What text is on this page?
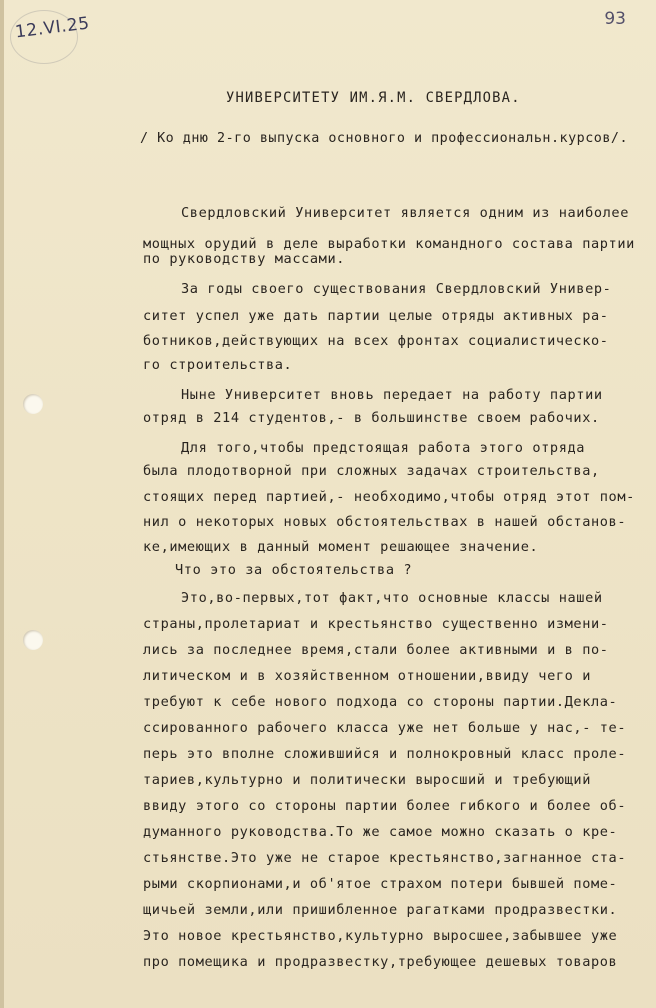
12.VI.25	93
УНИВЕРСИТЕТУ ИМ.Я.М. СВЕРДЛОВА.
/ Ко дню 2-го выпуска основного и профессиональн.курсов/.
Свердловский Университет является одним из наиболее
мощных орудий в деле выработки командного состава партии
по руководству массами.
За годы своего существования Свердловский Универ-
ситет успел уже дать партии целые отряды активных ра-
ботников,действующих на всех фронтах социалистическо-
го строительства.
Ныне Университет вновь передает на работу партии
отряд в 214 студентов,- в большинстве своем рабочих.
Для того,чтобы предстоящая работа этого отряда
была плодотворной при сложных задачах строительства,
стоящих перед партией,- необходимо,чтобы отряд этот пом-
нил о некоторых новых обстоятельствах в нашей обстанов-
ке,имеющих в данный момент решающее значение.
Что это за обстоятельства ?
Это,во-первых,тот факт,что основные классы нашей
страны,пролетариат и крестьянство существенно измени-
лись за последнее время,стали более активными и в по-
литическом и в хозяйственном отношении,ввиду чего и
требуют к себе нового подхода со стороны партии.Декла-
ссированного рабочего класса уже нет больше у нас,- те-
перь это вполне сложившийся и полнокровный класс проле-
тариев,культурно и политически выросший и требующий
ввиду этого со стороны партии более гибкого и более об-
думанного руководства.То же самое можно сказать о кре-
стьянстве.Это уже не старое крестьянство,загнанное ста-
рыми скорпионами,и об'ятое страхом потери бывшей поме-
щичьей земли,или пришибленное рагатками продразвестки.
Это новое крестьянство,культурно выросшее,забывшее уже
про помещика и продразвестку,требующее дешевых товаров
